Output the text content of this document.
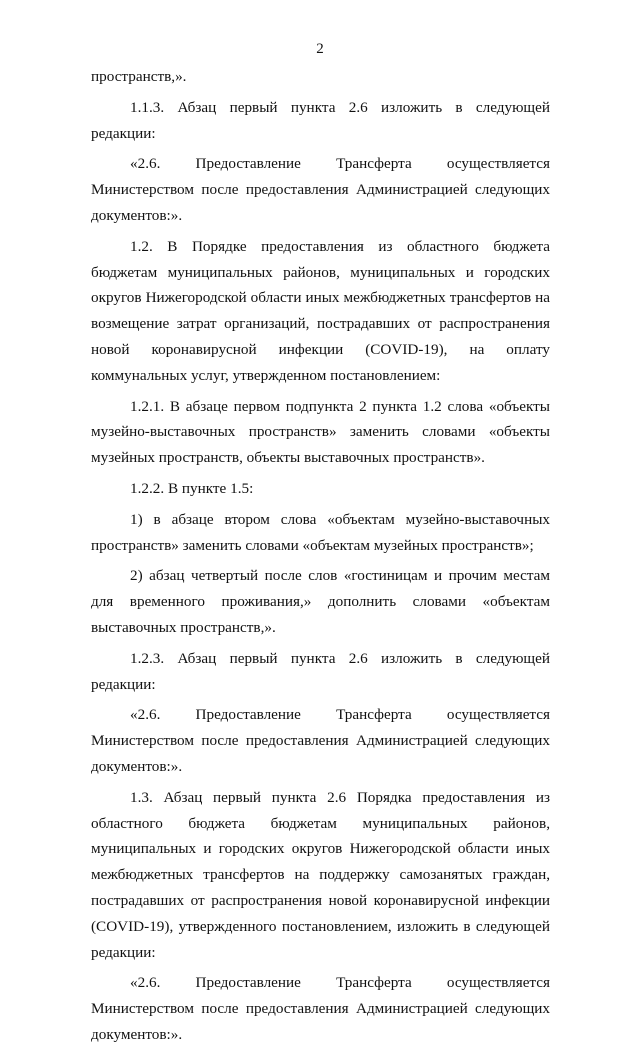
2

пространств,».

1.1.3. Абзац первый пункта 2.6 изложить в следующей редакции:

«2.6. Предоставление Трансферта осуществляется Министерством после предоставления Администрацией следующих документов:».

1.2. В Порядке предоставления из областного бюджета бюджетам муниципальных районов, муниципальных и городских округов Нижегородской области иных межбюджетных трансфертов на возмещение затрат организаций, пострадавших от распространения новой коронавирусной инфекции (COVID-19), на оплату коммунальных услуг, утвержденном постановлением:

1.2.1. В абзаце первом подпункта 2 пункта 1.2 слова «объекты музейно-выставочных пространств» заменить словами «объекты музейных пространств, объекты выставочных пространств».

1.2.2. В пункте 1.5:

1) в абзаце втором слова «объектам музейно-выставочных пространств» заменить словами «объектам музейных пространств»;

2) абзац четвертый после слов «гостиницам и прочим местам для временного проживания,» дополнить словами «объектам выставочных пространств,».

1.2.3. Абзац первый пункта 2.6 изложить в следующей редакции:

«2.6. Предоставление Трансферта осуществляется Министерством после предоставления Администрацией следующих документов:».

1.3. Абзац первый пункта 2.6 Порядка предоставления из областного бюджета бюджетам муниципальных районов, муниципальных и городских округов Нижегородской области иных межбюджетных трансфертов на поддержку самозанятых граждан, пострадавших от распространения новой коронавирусной инфекции (COVID-19), утвержденного постановлением, изложить в следующей редакции:

«2.6. Предоставление Трансферта осуществляется Министерством после предоставления Администрацией следующих документов:».
